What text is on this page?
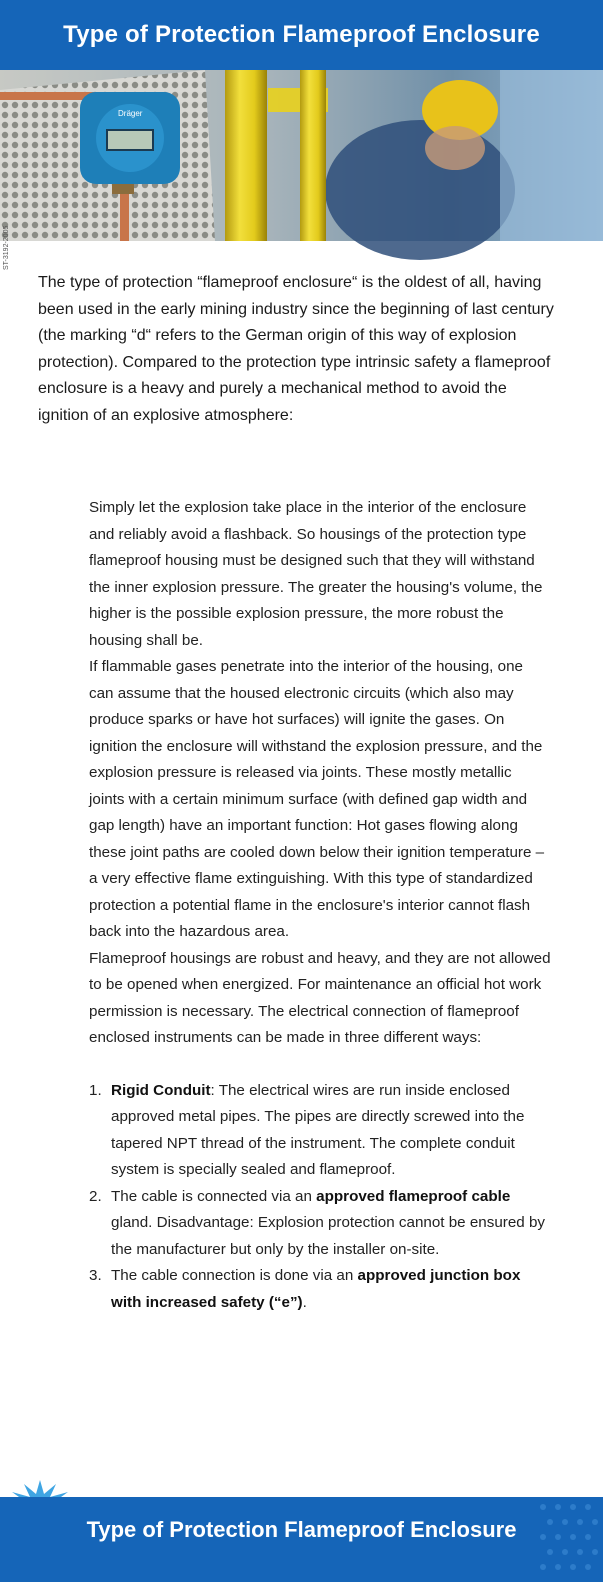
Type of Protection Flameproof Enclosure
Dräger
ST-3192-2005

The type of protection “flameproof enclosure“ is the oldest of all, having been used in the early mining industry since the beginning of last century (the marking “d“ refers to the German origin of this way of explosion protection). Compared to the protection type intrinsic safety a flameproof enclosure is a heavy and purely a mechanical method to avoid the ignition of an explosive atmosphere:

Simply let the explosion take place in the interior of the enclosure and reliably avoid a flashback. So housings of the protection type flameproof housing must be designed such that they will withstand the inner explosion pressure. The greater the housing's volume, the higher is the possible explosion pressure, the more robust the housing shall be.

If flammable gases penetrate into the interior of the housing, one can assume that the housed electronic circuits (which also may produce sparks or have hot surfaces) will ignite the gases. On ignition the enclosure will withstand the explosion pressure, and the explosion pressure is released via joints. These mostly metallic joints with a certain minimum surface (with defined gap width and gap length) have an important function: Hot gases flowing along these joint paths are cooled down below their ignition temperature – a very effective flame extinguishing. With this type of standardized protection a potential flame in the enclosure's interior cannot flash back into the hazardous area.

Flameproof housings are robust and heavy, and they are not allowed to be opened when energized. For maintenance an official hot work permission is necessary. The electrical connection of flameproof enclosed instruments can be made in three different ways:

1. Rigid Conduit: The electrical wires are run inside enclosed approved metal pipes. The pipes are directly screwed into the tapered NPT thread of the instrument. The complete conduit system is specially sealed and flameproof.
2. The cable is connected via an approved flameproof cable gland. Disadvantage: Explosion protection cannot be ensured by the manufacturer but only by the installer on-site.
3. The cable connection is done via an approved junction box with increased safety (“e”).
Type of Protection Flameproof Enclosure
